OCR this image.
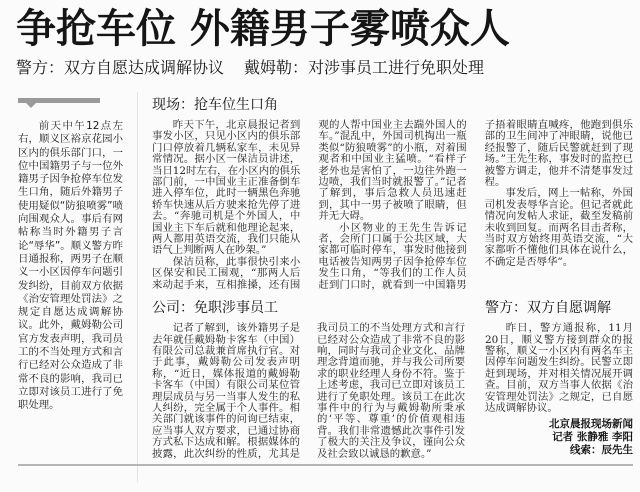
争抢车位 外籍男子雾喷众人
警方：双方自愿达成调解协议 戴姆勒：对涉事员工进行免职处理

前天中午12点左右，顺义区裕京花园小区内的俱乐部门口，一位中国籍男子与一位外籍男子因争抢停车位发生口角，随后外籍男子使用疑似“防狼喷雾”喷向围观众人。事后有网帖称当时外籍男子言论“辱华”。顺义警方昨日通报称，两男子在顺义一小区因停车问题引发纠纷，目前双方依据《治安管理处罚法》之规定自愿达成调解协议。此外，戴姆勒公司官方发表声明，我司员工的不当处理方式和言行已经对公众造成了非常不良的影响，我司已立即对该员工进行了免职处理。

现场：抢车位生口角

昨天下午，北京晨报记者到事发小区，只见小区内的俱乐部门口停放着几辆私家车，未见异常情况。据小区一保洁员讲述，当日12时左右，在小区内的俱乐部门前，一中国业主正准备倒车进入停车位，此时一辆黑色奔驰轿车快速从后方驶来抢先停了进去。“奔驰司机是个外国人，中国业主下车后就和他理论起来，两人都用英语交流，我们只能从语气上判断两人在吵架。”

保洁员称，此事很快引来小区保安和民工围观，“那两人后来动起手来，互相推搡，还有围观的人帮中国业主去踹外国人的车。”混乱中，外国司机掏出一瓶类似“防狼喷雾”的小瓶，对着围观者和中国业主猛喷。“看样子老外也是害怕了，一边往外跑一边喷，我们当时就报警了。”记者了解到，事后急救人员迅速赶到，其中一男子被喷了眼睛，但并无大碍。

小区物业的王先生告诉记者，会所门口属于公共区域，大家都可临时停车，事发时他接到电话被告知两男子因争抢停车位发生口角，“等我们的工作人员赶到门口时，就看到一中国籍男子捂着眼睛直喊疼，他跑到俱乐部的卫生间冲了冲眼睛，说他已经报警了，随后民警就赶到了现场。”王先生称，事发时的监控已被警方调走，他并不清楚事发过程。

事发后，网上一帖称，外国司机发表辱华言论。但记者就此情况向发帖人求证，截至发稿前未收到回复。而两名目击者称，当时双方始终用英语交流，“大家都听不懂他们具体在说什么，不确定是否辱华”。

公司：免职涉事员工

记者了解到，该外籍男子是去年就任戴姆勒卡客车（中国）有限公司总裁兼首席执行官。对于此事，戴姆勒公司发表声明称，“近日，媒体报道的戴姆勒卡客车（中国）有限公司某位管理层成员与另一当事人发生的私人纠纷，完全属于个人事件。相关部门就该事件的问询已结束，应当事人双方要求，已通过协商方式私下达成和解。根据媒体的披露，此次纠纷的性质，尤其是我司员工的不当处理方式和言行已经对公众造成了非常不良的影响，同时与我司企业文化、品牌理念背道而驰，并与我公司所要求的职业经理人身份不符。鉴于上述考虑，我司已立即对该员工进行了免职处理。该员工在此次事件中的行为与戴姆勒所秉承的‘平等、尊重’的价值观相违背。我们非常遗憾此次事件引发了极大的关注及争议，谨向公众及社会致以诚恳的歉意。”

警方：双方自愿调解

昨日，警方通报称，11月20日，顺义警方接到群众的报警称，顺义一小区内有两名车主因停车问题发生纠纷。民警立即赶到现场，并对相关情况展开调查。目前，双方当事人依据《治安管理处罚法》之规定，已自愿达成调解协议。

北京晨报现场新闻
记者 张静雅 李阳
线索：辰先生
